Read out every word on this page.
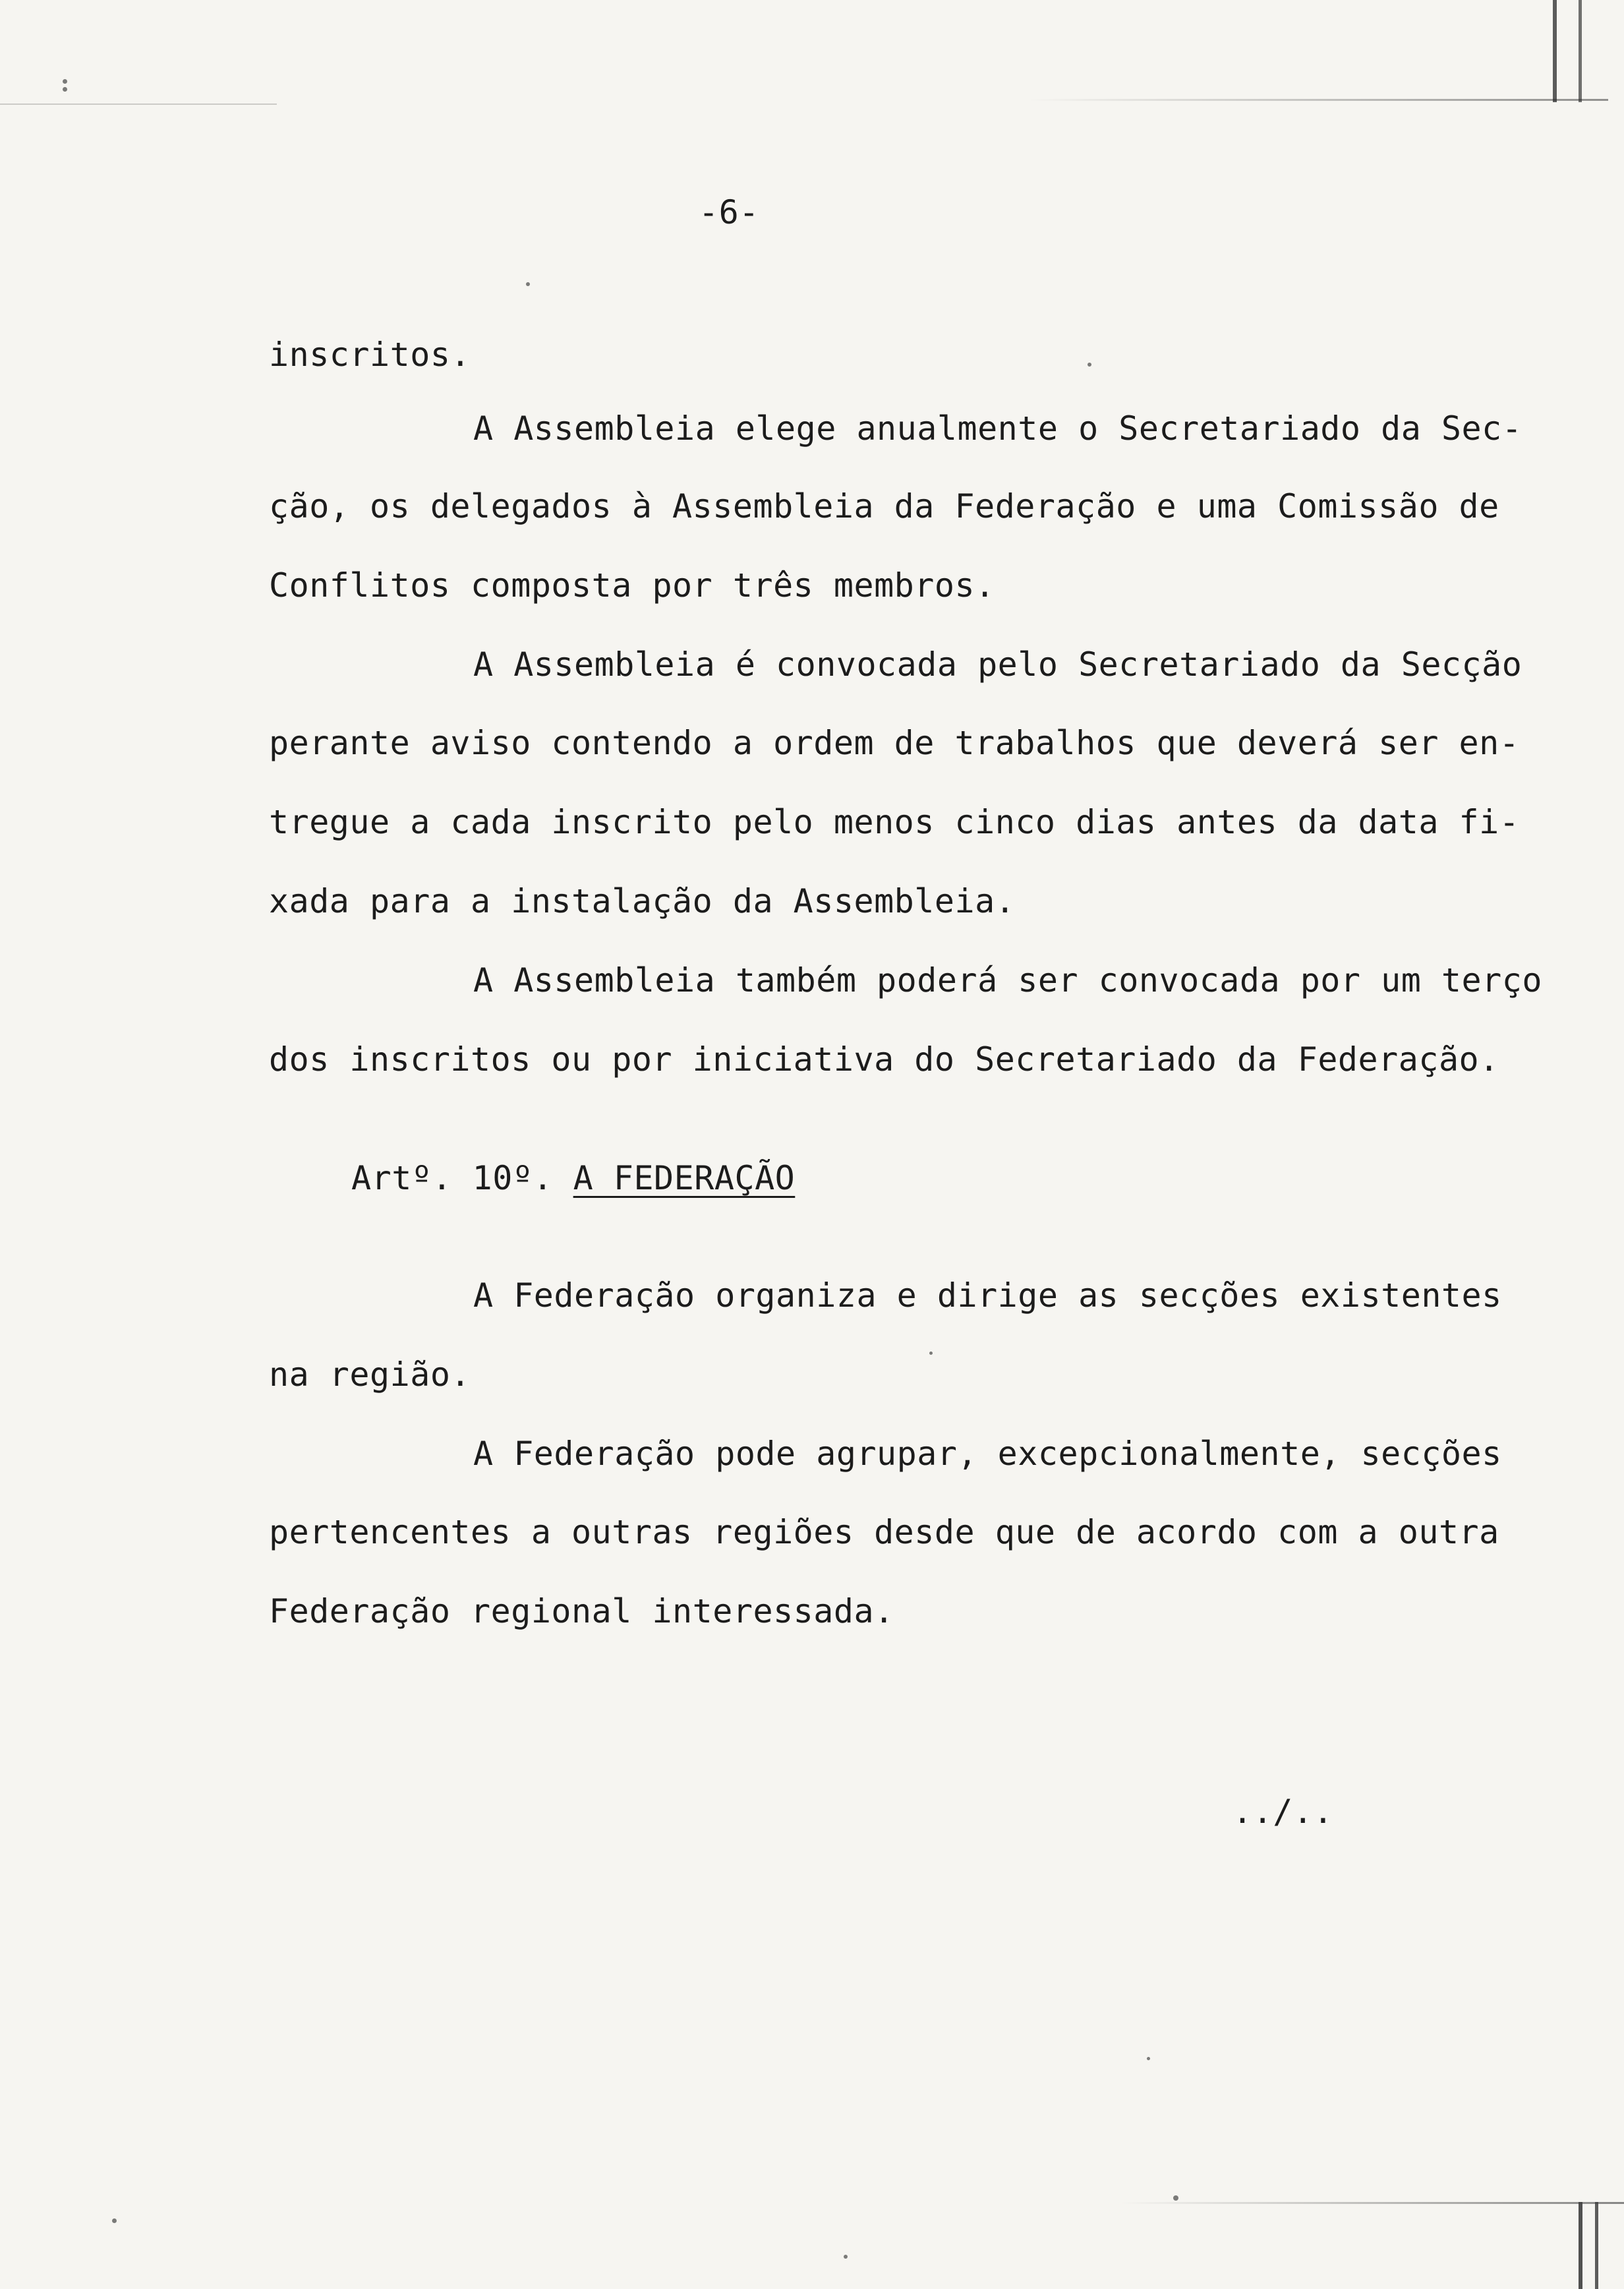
-6-
inscritos.
A Assembleia elege anualmente o Secretariado da Sec-
ção, os delegados à Assembleia da Federação e uma Comissão de
Conflitos composta por três membros.
A Assembleia é convocada pelo Secretariado da Secção
perante aviso contendo a ordem de trabalhos que deverá ser en-
tregue a cada inscrito pelo menos cinco dias antes da data fi-
xada para a instalação da Assembleia.
A Assembleia também poderá ser convocada por um terço
dos inscritos ou por iniciativa do Secretariado da Federação.
Artº. 10º. A FEDERAÇÃO
A Federação organiza e dirige as secções existentes
na região.
A Federação pode agrupar, excepcionalmente, secções
pertencentes a outras regiões desde que de acordo com a outra
Federação regional interessada.
../..
